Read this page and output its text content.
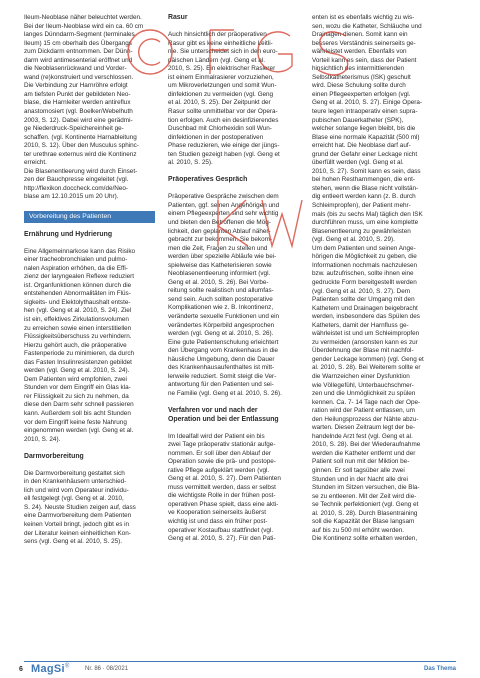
Ileum-Neoblase näher beleuchtet werden.
Bei der Ileum-Neoblase wird ein ca. 60 cm
langes Dünndarm-Segment (terminales
Ileum) 15 cm oberhalb des Übergangs
zum Dickdarm entnommen. Der Dünn-
darm wird antimesenterial eröffnet und
die Neoblasenrückwand und Vorder-
wand (re)konstruiert und verschlossen.
Die Verbindung zur Harnröhre erfolgt
am tiefsten Punkt der gebildeten Neo-
blase, die Harnleiter werden antireflux
anastomosiert (vgl. Boelker/Webelhuth
2003, S. 12). Dabei wird eine gerädmi-
ge Niederdruck-Speichereinheit ge-
schaffen. (vgl. Kontinente Harnableitung
2010, S. 12). Über den Musculus sphinc-
ter urethrae externus wird die Kontinenz
erreicht.
Die Blasenentleerung wird durch Einset-
zen der Bauchpresse eingeleitet (vgl.
http://flexikon.doccheck.com/de/Neo-
blase am 12.10.2015 um 20 Uhr).

Vorbereitung des Patienten
Ernährung und Hydrierung

Eine Allgemeinnarkose kann das Risiko
einer tracheobronchialen und pulmo-
nalen Aspiration erhöhen, da die Effi-
zienz der laryngealen Reflexe reduziert
ist. Organfunktionen können durch die
entstehenden Abnormalitäten im Flüs-
sigkeits- und Elektolythaushalt entste-
hen (vgl. Geng et al. 2010, S. 24). Ziel
ist ein, effektives Zirkulationsvolumen
zu erreichen sowie einen interstitiellen
Flüssigkeitsüberschuss zu verhindern.
Hierzu gehört auch, die präoperative
Fastenperiode zu minimieren, da durch
das Fasten Insulinresistenzen gebildet
werden (vgl. Geng et al. 2010, S. 24).
Dem Patienten wird empfohlen, zwei
Stunden vor dem Eingriff ein Glas kla-
rer Flüssigkeit zu sich zu nehmen, da
diese den Darm sehr schnell passieren
kann. Außerdem soll bis acht Stunden
vor dem Eingriff keine feste Nahrung
eingenommen werden (vgl. Geng et al.
2010, S. 24).

Darmvorbereitung

Die Darmvorbereitung gestaltet sich
in den Krankenhäusern unterschied-
lich und wird vom Operateur individu-
ell festgelegt (vgl. Geng et al. 2010,
S. 24). Neuste Studien zeigen auf, dass
eine Darmvorbereitung dem Patienten
keinen Vorteil bringt, jedoch gibt es in
der Literatur keinen einheitlichen Kon-
sens (vgl. Geng et al. 2010, S. 25).

Rasur

Auch hinsichtlich der präoperativen
Rasur gibt es keine einheitliche Leitli-
nie. Sie unterscheidet sich in den euro-
päischen Ländern (vgl. Geng et al.
2010, S. 25). Ein elektrischer Rasierer
ist einem Einmalrasierer vorzuziehen,
um Mikroverletzungen und somit Wun-
dinfektionen zu vermeiden (vgl. Geng
et al. 2010, S. 25). Der Zeitpunkt der
Rasur sollte unmittelbar vor der Opera-
tion erfolgen. Auch ein desinfizierendes
Duschbad mit Chlorhexidin soll Wun-
dinfektionen in der postoperativen
Phase reduzieren, wie einige der jüngs-
ten Studien gezeigt haben (vgl. Geng et
al. 2010, S. 25).

Präoperatives Gespräch

Präoperative Gespräche zwischen dem
Patienten, ggf. seinen Angehörigen und
einem Pflegeexperten sind sehr wichtig
und bieten den Betroffenen die Mög-
lichkeit, den geplanten Ablauf näher-
gebracht zur bekommen. Sie bekom-
men die Zeit, Fragen zu stellen und
werden über spezielle Abläufe wie bei-
spielweise das Katheterisieren sowie
Neoblasenentleerung informiert (vgl.
Geng et al. 2010, S. 26). Bei Vorbe-
reitung sollte realistisch und allumfas-
send sein. Auch sollten postoperative
Komplikationen wie z. B. Inkontinenz,
veränderte sexuelle Funktionen und ein
verändertes Körperbild angesprochen
werden (vgl. Geng et al. 2010, S. 26).
Eine gute Patientenschulung erleichtert
den Übergang vom Krankenhaus in die
häusliche Umgebung, denn die Dauer
des Krankenhausaufenthaltes ist mitt-
lerweile reduziert. Somit steigt die Ver-
antwortung für den Patienten und sei-
ne Familie (vgl. Geng et al. 2010, S. 26).

Verfahren vor und nach der
Operation und bei der Entlassung

Im Idealfall wird der Patient ein bis
zwei Tage präoperativ stationär aufge-
nommen. Er soll über den Ablauf der
Operation sowie die prä- und postope-
rative Pflege aufgeklärt werden (vgl.
Geng et al. 2010, S. 27). Dem Patienten
muss vermittelt werden, dass er selbst
die wichtigste Rolle in der frühen post-
operativen Phase spielt, dass eine akti-
ve Kooperation seinerseits äußerst
wichtig ist und dass ein früher post-
operativer Kostaufbau stattfindet (vgl.
Geng et al. 2010, S. 27). Für den Pati-

enten ist es ebenfalls wichtig zu wis-
sen, wozu die Katheter, Schläuche und
Drainagen dienen. Somit kann ein
besseres Verständnis seinerseits ge-
währleistet werden. Ebenfalls von
Vorteil kann es sein, dass der Patient
hinsichtlich des intermittierenden
Selbstkatheterismus (ISK) geschult
wird. Diese Schulung sollte durch
einen Pflegeexperten erfolgen (vgl.
Geng et al. 2010, S. 27). Einige Opera-
teure legen intraoperativ einen supra-
pubischen Dauerkatheter (SPK),
welcher solange liegen bleibt, bis die
Blase eine normale Kapazität (500 ml)
erreicht hat. Die Neoblase darf auf-
grund der Gefahr einer Leckage nicht
überfüllt werden (vgl. Geng et al.
2010, S. 27). Somit kann es sein, dass
bei hohen Restharnmengen, die ent-
stehen, wenn die Blase nicht vollstän-
dig entleert werden kann (z. B. durch
Schleimpropfen), der Patient mehr-
mals (bis zu sechs Mal) täglich den ISK
durchführen muss, um eine komplette
Blasenentleerung zu gewährleisten
(vgl. Geng et al. 2010, S. 29).
Um dem Patienten und seinen Ange-
hörigen die Möglichkeit zu geben, die
Informationen nochmals nachzulesen
bzw. aufzufrischen, sollte ihnen eine
gedruckte Form bereitgestellt werden
(vgl. Geng et al. 2010, S. 27). Dem
Patienten sollte der Umgang mit den
Kathetern und Drainagen beigebracht
werden, insbesondere das Spülen des
Katheters, damit der Harnfluss ge-
währleistet ist und um Schleimpropfen
zu vermeiden (ansonsten kann es zur
Überdehnung der Blase mit nachfol-
gender Leckage kommen) (vgl. Geng et
al. 2010, S. 28). Bei Weiterem sollte er
die Warnzeichen einer Dysfunktion
wie Völlegefühl, Unterbauchschmer-
zen und die Unmöglichkeit zu spülen
kennen. Ca. 7- 14 Tage nach der Ope-
ration wird der Patient entlassen, um
den Heilungsprozess der Nähte abzu-
warten. Diesen Zeitraum legt der be-
handelnde Arzt fest (vgl. Geng et al.
2010, S. 28). Bei der Wiederaufnahme
werden die Katheter entfernt und der
Patient soll nun mit der Miktion be-
ginnen. Er soll tagsüber alle zwei
Stunden und in der Nacht alle drei
Stunden im Sitzen versuchen, die Bla-
se zu entleeren. Mit der Zeit wird die-
se Technik perfektioniert (vgl. Geng et
al. 2010, S. 28). Durch Blasentraining
soll die Kapazität der Blase langsam
auf bis zu 500 ml erhöht werden.
Die Kontinenz sollte erhalten werden,

6 MagSi®	Nr. 86 · 08/2021	Das Thema
